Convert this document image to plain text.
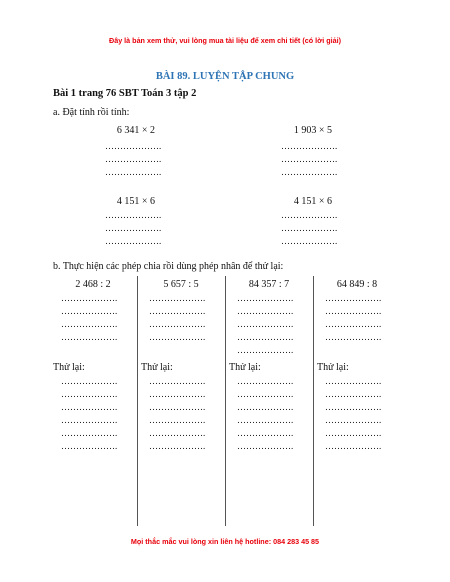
Đây là bản xem thử, vui lòng mua tài liệu để xem chi tiết (có lời giải)
BÀI 89. LUYỆN TẬP CHUNG
Bài 1 trang 76 SBT Toán 3 tập 2
a. Đặt tính rồi tính:
6 341 × 2	1 903 × 5
……………….
……………….
……………….
……………….
……………….
……………….
4 151 × 6	4 151 × 6
……………….
……………….
……………….
……………….
……………….
……………….
b. Thực hiện các phép chia rồi dùng phép nhân để thử lại:
2 468 : 2
……………….
……………….
……………….
……………….
Thử lại:
……………….
……………….
……………….
……………….
……………….
……………….
5 657 : 5
……………….
……………….
……………….
……………….
Thử lại:
……………….
……………….
……………….
……………….
……………….
……………….
84 357 : 7
……………….
……………….
……………….
……………….
……………….
Thử lại:
……………….
……………….
……………….
……………….
……………….
……………….
64 849 : 8
……………….
……………….
……………….
……………….
Thử lại:
……………….
……………….
……………….
……………….
……………….
……………….
Mọi thắc mắc vui lòng xin liên hệ hotline: 084 283 45 85
